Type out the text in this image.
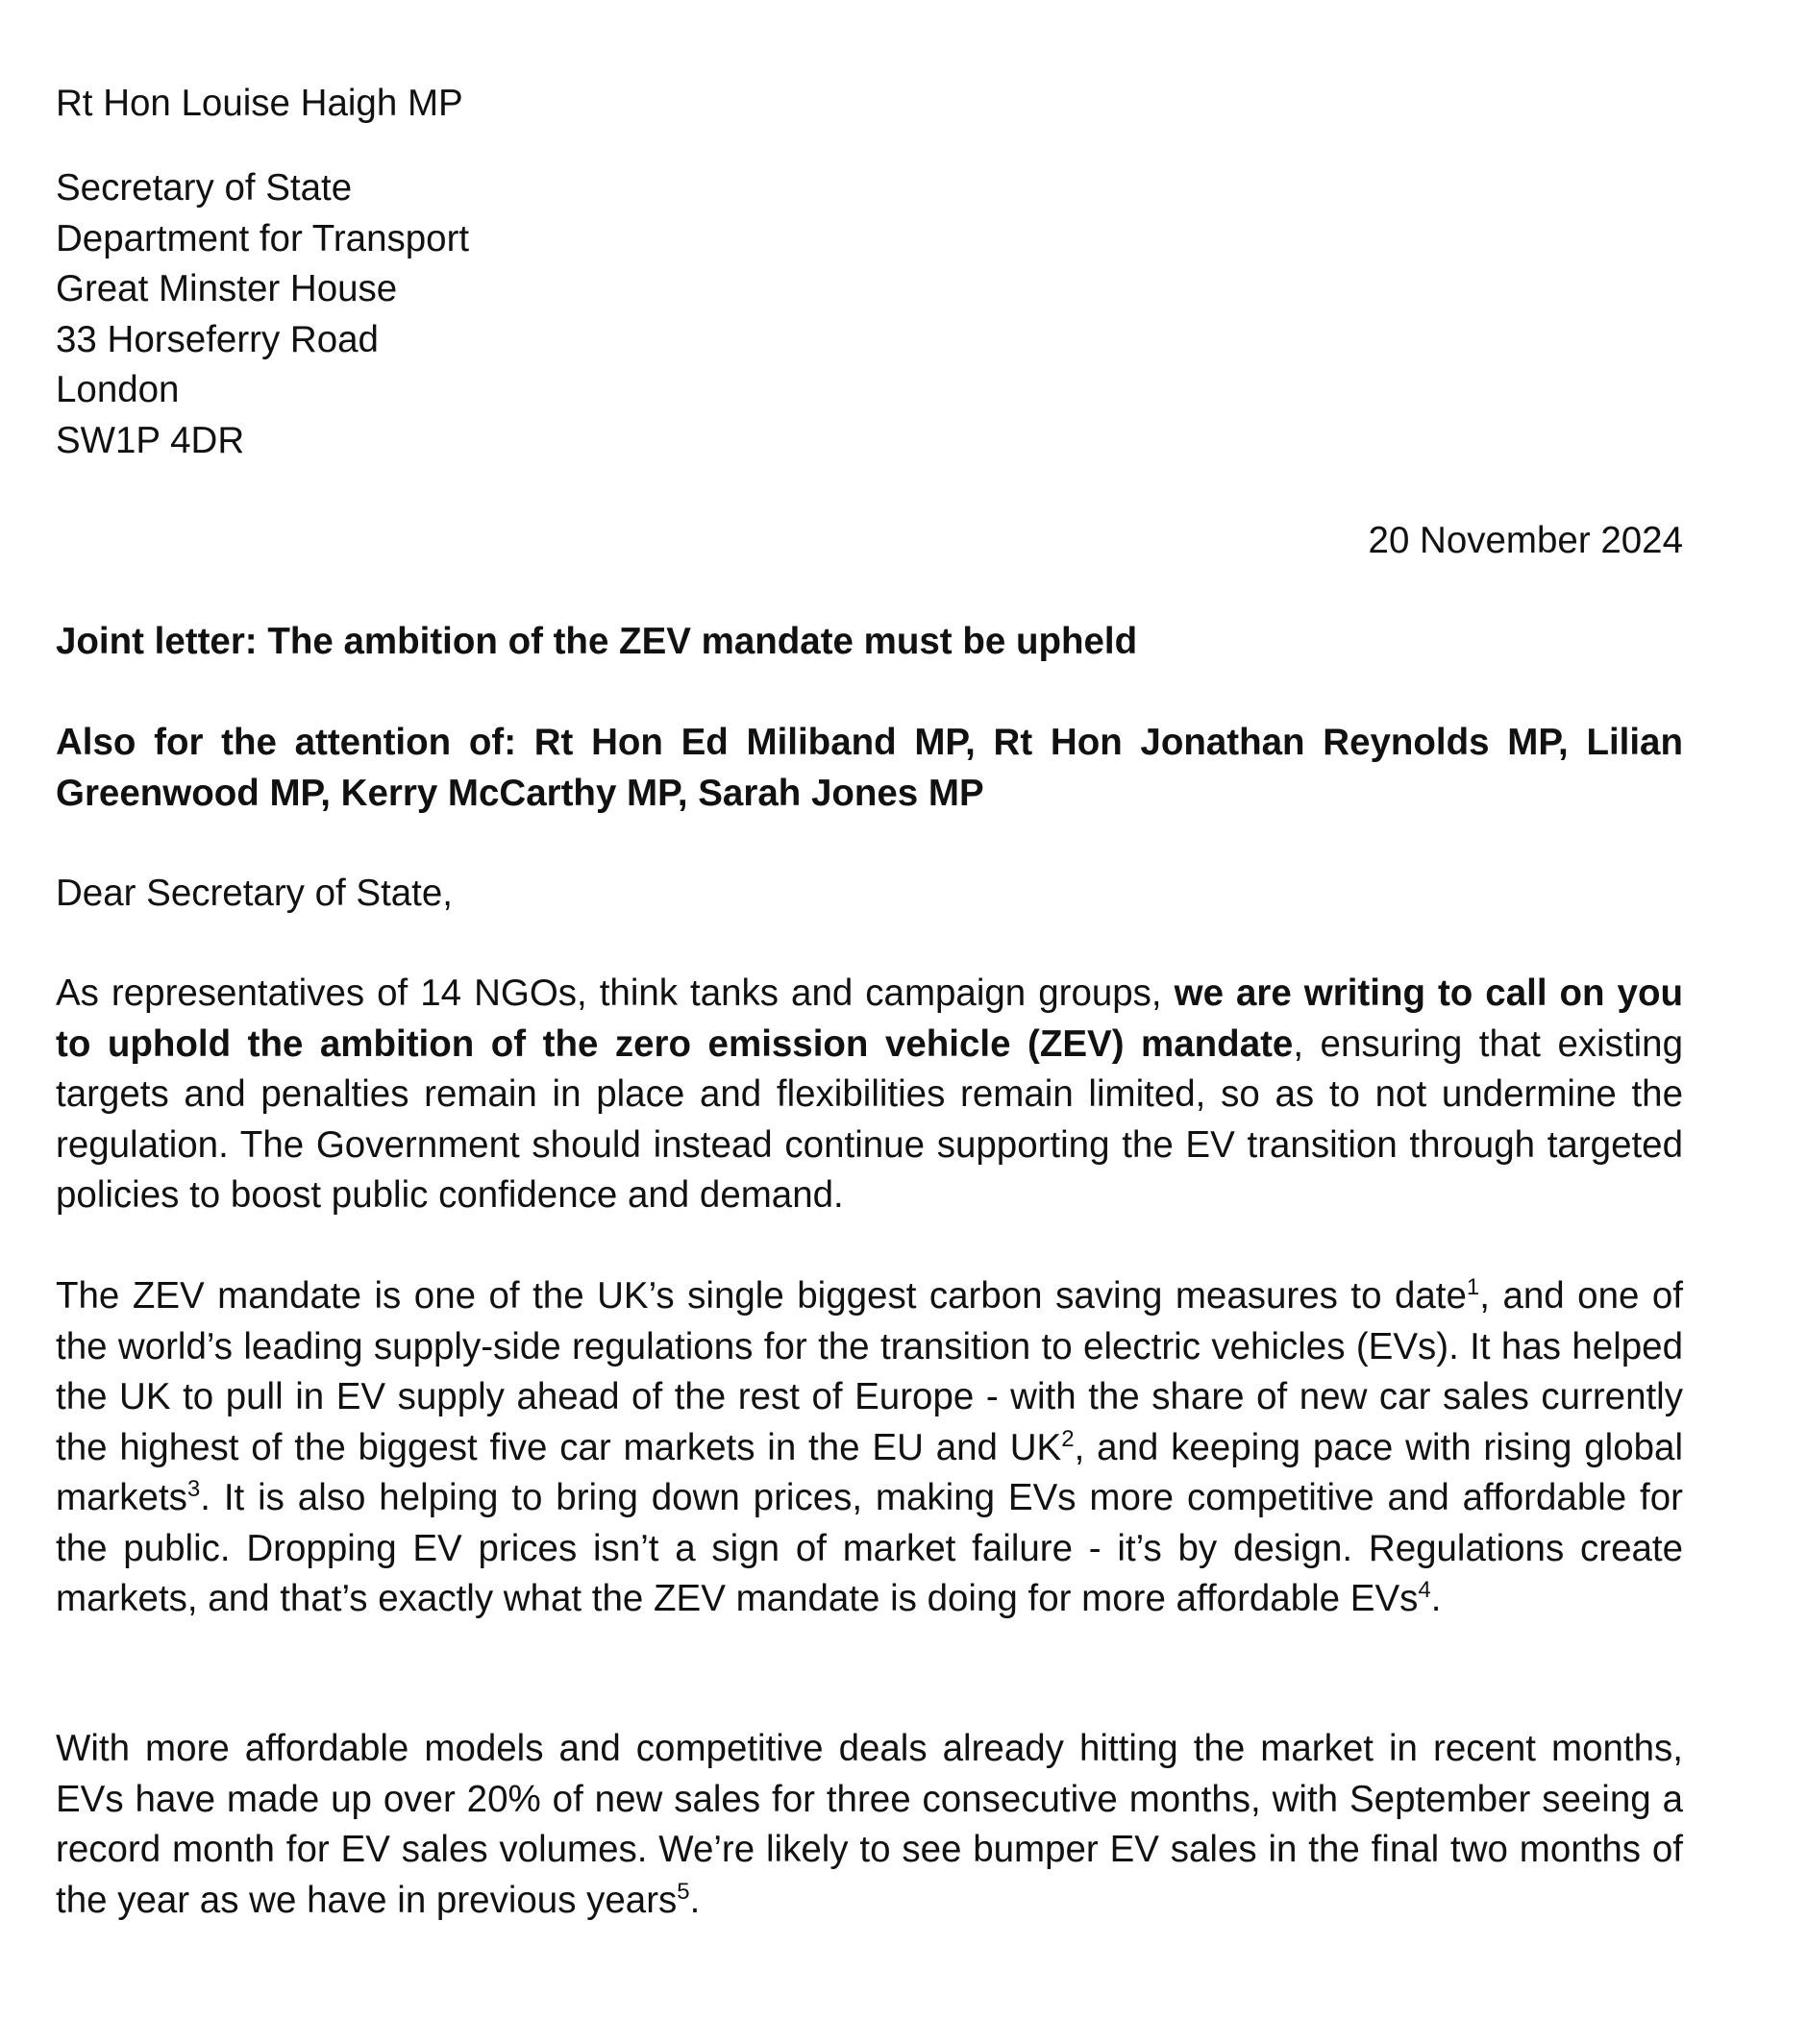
Rt Hon Louise Haigh MP

Secretary of State
Department for Transport
Great Minster House
33 Horseferry Road
London
SW1P 4DR

20 November 2024

Joint letter: The ambition of the ZEV mandate must be upheld

Also for the attention of: Rt Hon Ed Miliband MP, Rt Hon Jonathan Reynolds MP, Lilian Greenwood MP, Kerry McCarthy MP, Sarah Jones MP

Dear Secretary of State,

As representatives of 14 NGOs, think tanks and campaign groups, we are writing to call on you to uphold the ambition of the zero emission vehicle (ZEV) mandate, ensuring that existing targets and penalties remain in place and flexibilities remain limited, so as to not undermine the regulation. The Government should instead continue supporting the EV transition through targeted policies to boost public confidence and demand.

The ZEV mandate is one of the UK’s single biggest carbon saving measures to date$^1$, and one of the world’s leading supply-side regulations for the transition to electric vehicles (EVs). It has helped the UK to pull in EV supply ahead of the rest of Europe - with the share of new car sales currently the highest of the biggest five car markets in the EU and UK$^2$, and keeping pace with rising global markets$^3$. It is also helping to bring down prices, making EVs more competitive and affordable for the public. Dropping EV prices isn’t a sign of market failure - it’s by design. Regulations create markets, and that’s exactly what the ZEV mandate is doing for more affordable EVs$^4$.

With more affordable models and competitive deals already hitting the market in recent months, EVs have made up over 20% of new sales for three consecutive months, with September seeing a record month for EV sales volumes. We’re likely to see bumper EV sales in the final two months of the year as we have in previous years$^5$.
